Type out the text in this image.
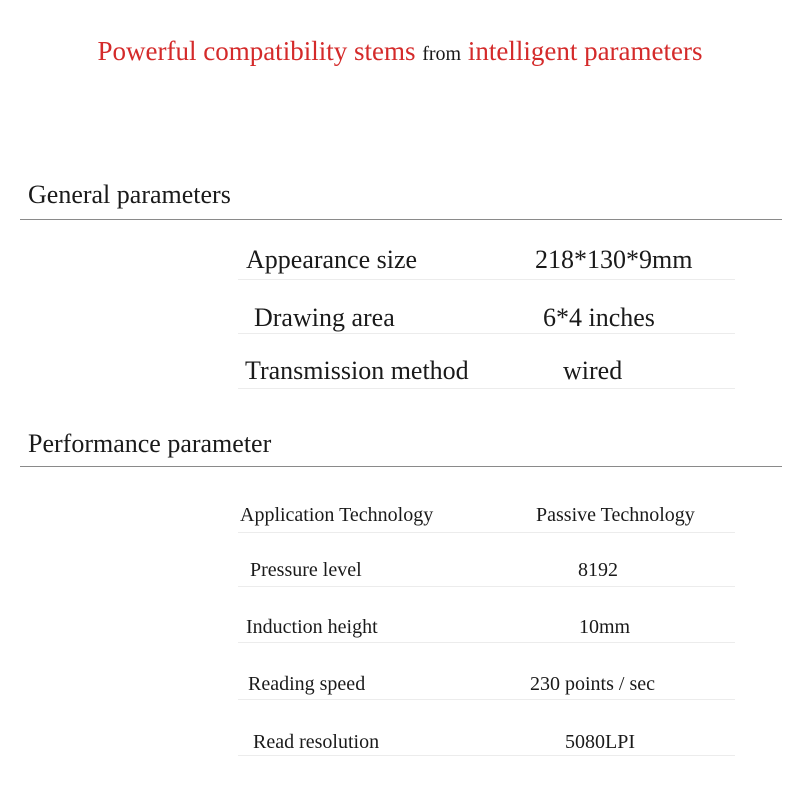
Powerful compatibility stems from intelligent parameters
General parameters
Appearance size	218*130*9mm
Drawing area	6*4 inches
Transmission method	wired
Performance parameter
Application Technology	Passive Technology
Pressure level	8192
Induction height	10mm
Reading speed	230 points / sec
Read resolution	5080LPI
